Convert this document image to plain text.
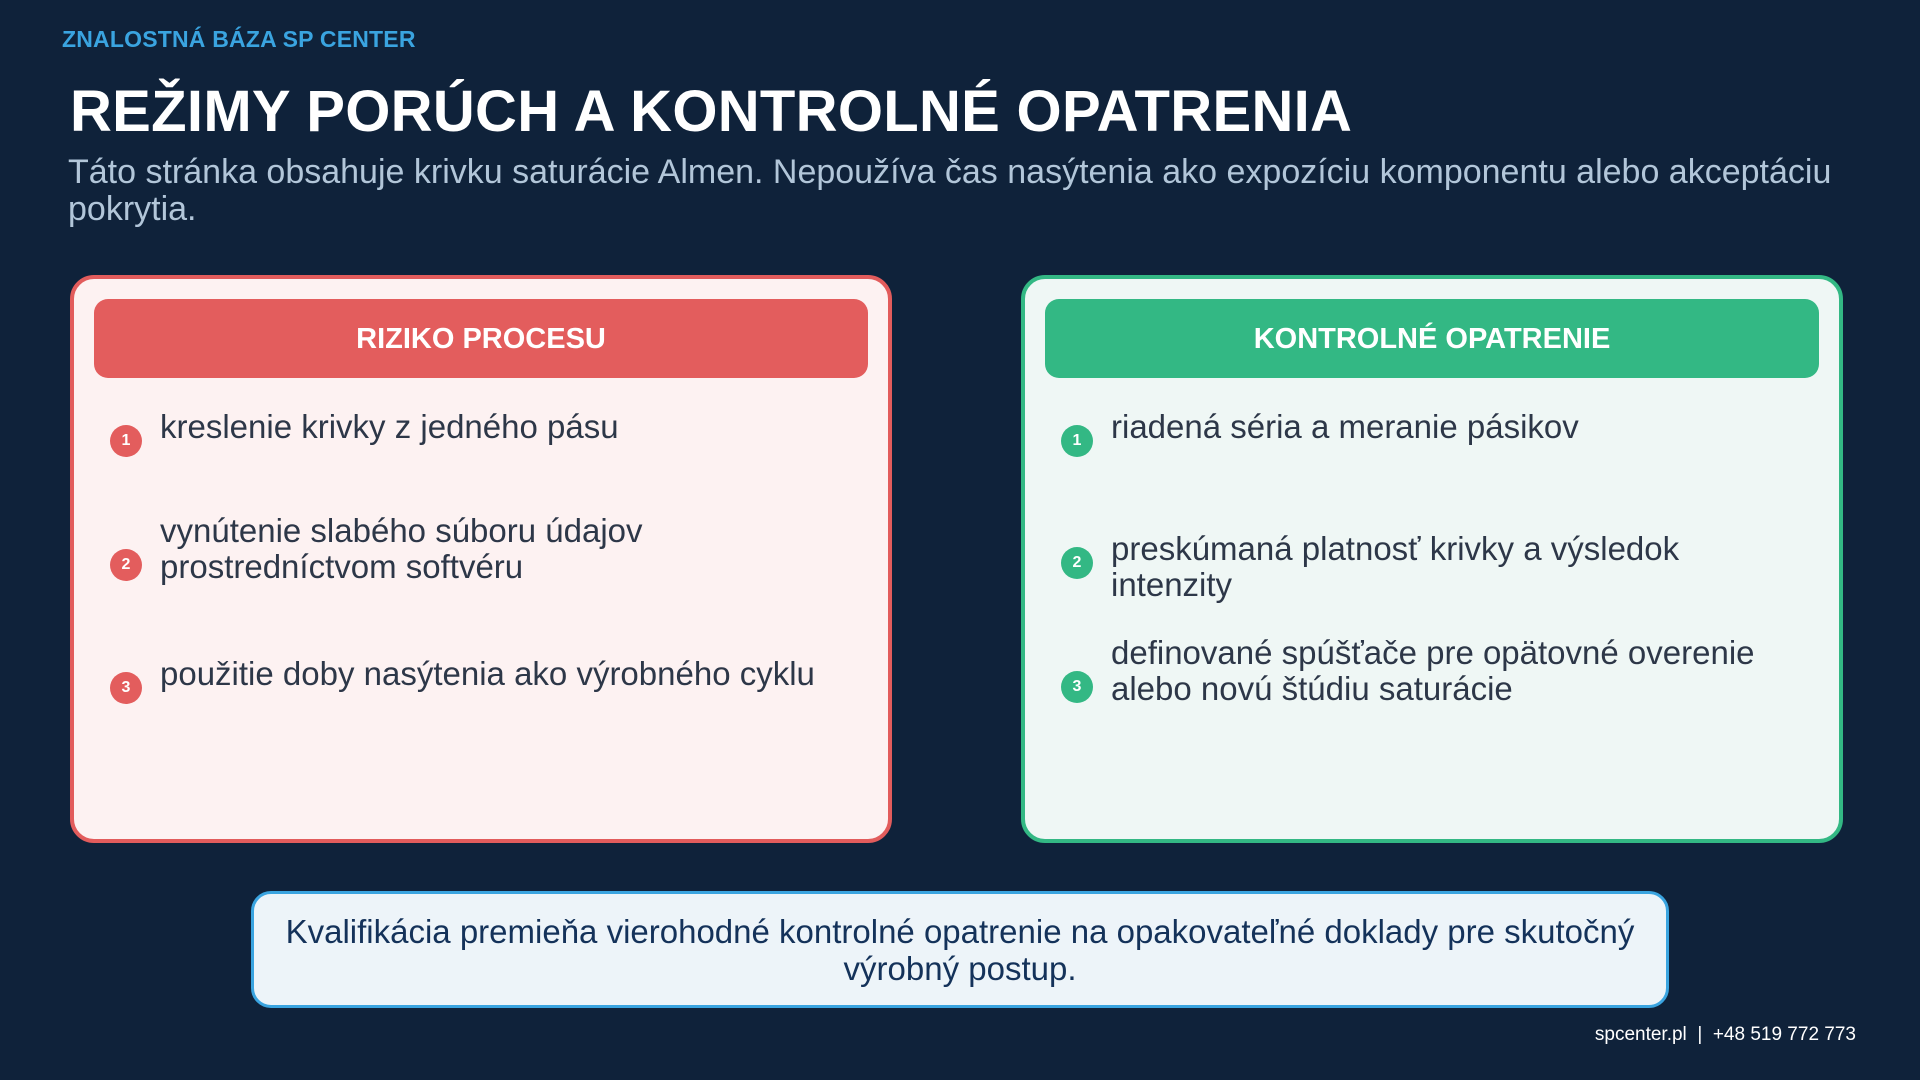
ZNALOSTNÁ BÁZA SP CENTER
REŽIMY PORÚCH A KONTROLNÉ OPATRENIA
Táto stránka obsahuje krivku saturácie Almen. Nepoužíva čas nasýtenia ako expozíciu komponentu alebo akceptáciu pokrytia.
RIZIKO PROCESU
1 kreslenie krivky z jedného pásu
2
vynútenie slabého súboru údajov prostredníctvom softvéru
3 použitie doby nasýtenia ako výrobného cyklu
KONTROLNÉ OPATRENIE
1 riadená séria a meranie pásikov
2 preskúmaná platnosť krivky a výsledok intenzity
3
definované spúšťače pre opätovné overenie alebo novú štúdiu saturácie
Kvalifikácia premieňa vierohodné kontrolné opatrenie na opakovateľné doklady pre skutočný výrobný postup.
spcenter.pl  |  +48 519 772 773
